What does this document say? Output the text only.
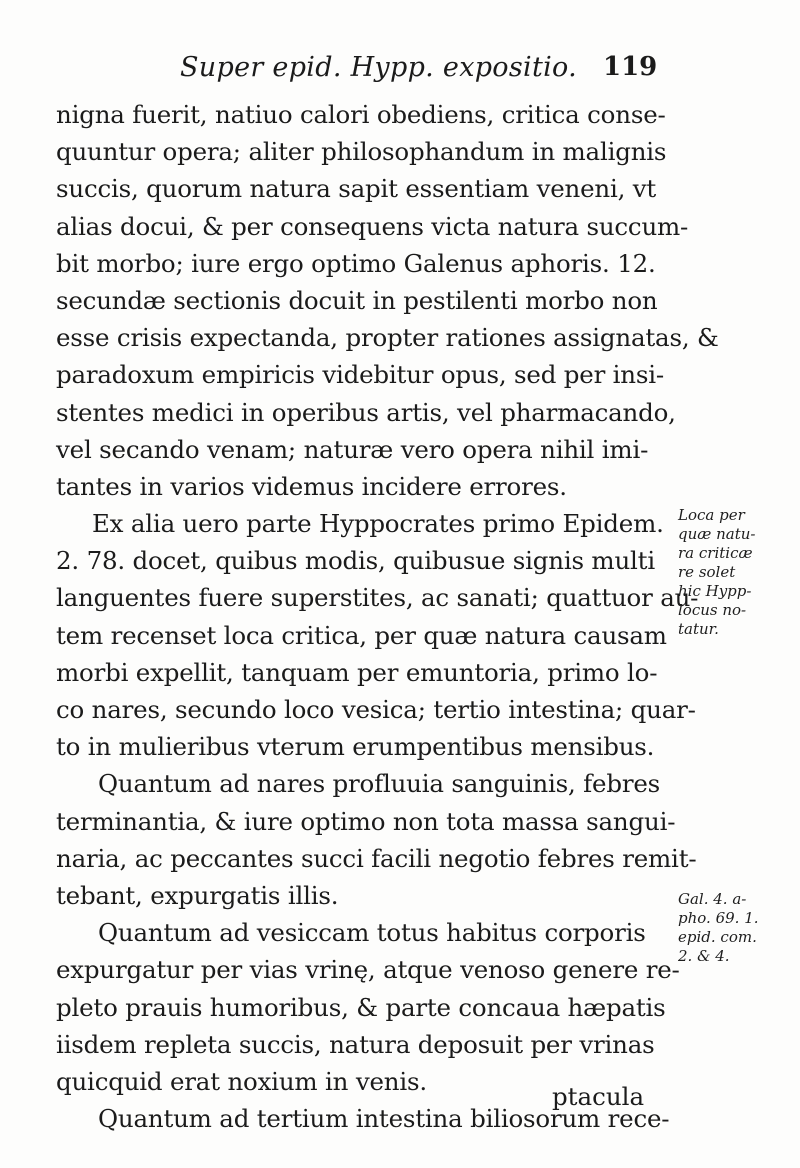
Super epid. Hypp. expositio. 119
nigna fuerit, natiuo calori obediens, critica conse-
quuntur opera; aliter philosophandum in malignis
succis, quorum natura sapit essentiam veneni, vt
alias docui, & per consequens victa natura succum-
bit morbo; iure ergo optimo Galenus aphoris. 12.
secundæ sectionis docuit in pestilenti morbo non
esse crisis expectanda, propter rationes assignatas, &
paradoxum empiricis videbitur opus, sed per insi-
stentes medici in operibus artis, vel pharmacando,
vel secando venam; naturæ vero opera nihil imi-
tantes in varios videmus incidere errores.
Ex alia uero parte Hyppocrates primo Epidem.
2. 78. docet, quibus modis, quibusue signis multi
languentes fuere superstites, ac sanati; quattuor au-
tem recenset loca critica, per quæ natura causam
morbi expellit, tanquam per emuntoria, primo lo-
co nares, secundo loco vesica; tertio intestina; quar-
to in mulieribus vterum erumpentibus mensibus.
Quantum ad nares profluuia sanguinis, febres
terminantia, & iure optimo non tota massa sangui-
naria, ac peccantes succi facili negotio febres remit-
tebant, expurgatis illis.
Quantum ad vesiccam totus habitus corporis
expurgatur per vias vrinę, atque venoso genere re-
pleto prauis humoribus, & parte concaua hæpatis
iisdem repleta succis, natura deposuit per vrinas
quicquid erat noxium in venis.
Quantum ad tertium intestina biliosorum rece-
ptacula
Loca per
quæ natu-
ra criticæ
re solet
hic Hypp-
locus no-
tatur.
Gal. 4. a-
pho. 69. 1.
epid. com.
2. & 4.
